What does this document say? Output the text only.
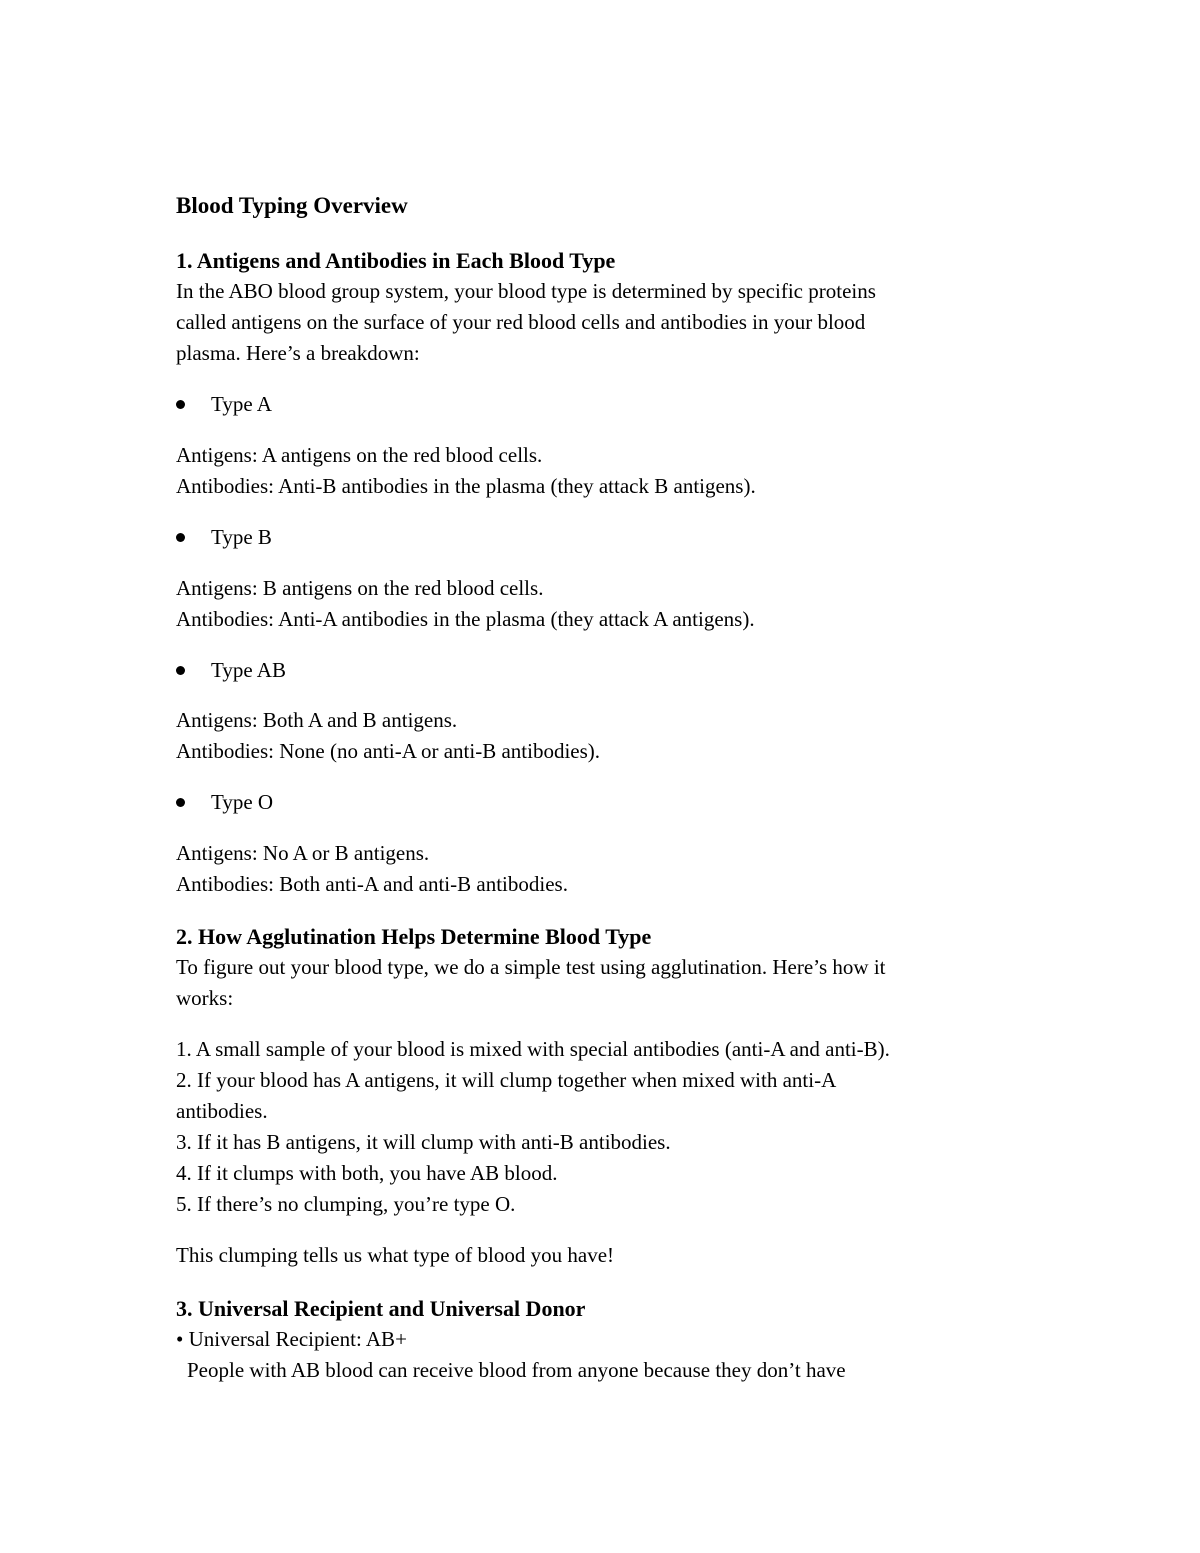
Blood Typing Overview
1. Antigens and Antibodies in Each Blood Type
In the ABO blood group system, your blood type is determined by specific proteins
called antigens on the surface of your red blood cells and antibodies in your blood
plasma. Here’s a breakdown:
Type A
Antigens: A antigens on the red blood cells.
Antibodies: Anti-B antibodies in the plasma (they attack B antigens).
Type B
Antigens: B antigens on the red blood cells.
Antibodies: Anti-A antibodies in the plasma (they attack A antigens).
Type AB
Antigens: Both A and B antigens.
Antibodies: None (no anti-A or anti-B antibodies).
Type O
Antigens: No A or B antigens.
Antibodies: Both anti-A and anti-B antibodies.
2. How Agglutination Helps Determine Blood Type
To figure out your blood type, we do a simple test using agglutination. Here’s how it
works:
1. A small sample of your blood is mixed with special antibodies (anti-A and anti-B).
2. If your blood has A antigens, it will clump together when mixed with anti-A
antibodies.
3. If it has B antigens, it will clump with anti-B antibodies.
4. If it clumps with both, you have AB blood.
5. If there’s no clumping, you’re type O.
This clumping tells us what type of blood you have!
3. Universal Recipient and Universal Donor
• Universal Recipient: AB+
People with AB blood can receive blood from anyone because they don’t have
